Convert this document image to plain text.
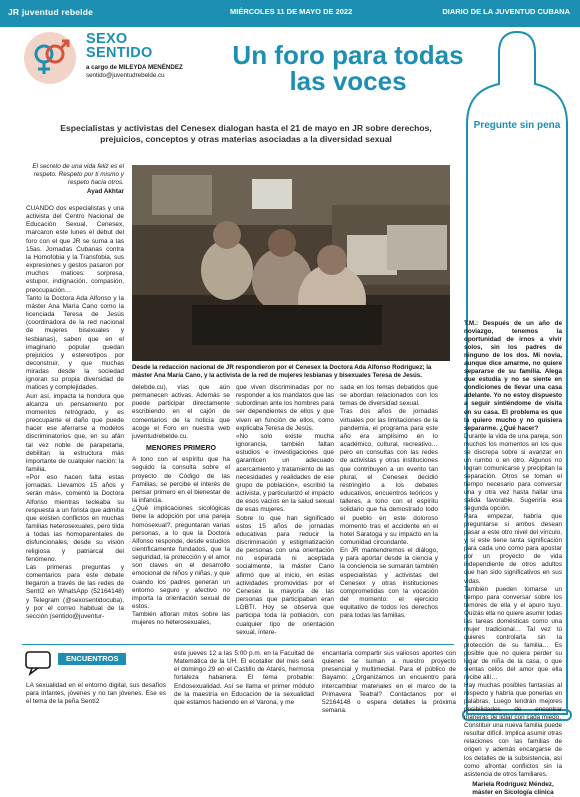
JR juventud rebelde	MIÉRCOLES 11 DE MAYO DE 2022	DIARIO DE LA JUVENTUD CUBANA
SEXO
SENTIDO
a cargo de MILEYDA MENÉNDEZ
sentido@juventudrebelde.cu
Un foro para todas las voces
Especialistas y activistas del Cenesex dialogan hasta el 21 de mayo en JR sobre derechos, prejuicios, conceptos y otras materias asociadas a la diversidad sexual
Pregunte sin pena
El secreto de una vida feliz es el respeto. Respeto por ti mismo y respeto hacia otros.
Ayad Akhtar

CUANDO dos especialistas y una activista del Centro Nacional de Educación Sexual, Cenesex, marcaron este lunes el debut del foro con el que JR se suma a las 15as. Jornadas Cubanas contra la Homofobia y la Transfobia, sus expresiones y gestos pasaron por muchos matices: sorpresa, estupor, indignación, compasión, preocupación…

Tanto la Doctora Ada Alfonso y la máster Ana María Cano como la licenciada Teresa de Jesús (coordinadora de la red nacional de mujeres bisexuales y lesbianas), saben que en el imaginario popular quedan prejuicios y estereotipos por deconstruir, y que muchas miradas desde la sociedad ignoran su propia diversidad de matices y complejidades.

Aun así, impacta la hondura que alcanza un pensamiento por momentos retrógrado, y es preocupante el daño que puede hacer ese aferrarse a modelos discriminatorios que, en su afán tal vez noble de parapetarla, debilitan la estructura más importante de cualquier nación: la familia.

«Por eso hacen falta estas jornadas. Llevamos 15 años y serán más», comentó la Doctora Alfonso mientras tecleaba su respuesta a un forista que admitía que existen conflictos en muchas familias heterosexuales, pero tilda a todas las homoparentales de disfuncionales, desde su visión religiosa y patriarcal del fenómeno.

Las primeras preguntas y comentarios para este debate llegaron a través de las redes de Sentí2 en WhatsApp (52164148) y Telegram (@sexosentidocuba), y por el correo habitual de la sección (sentido@juventur-

Desde la redacción nacional de JR respondieron por el Cenesex la Doctora Ada Alfonso Rodríguez; la máster Ana María Cano, y la activista de la red de mujeres lesbianas y bisexuales Teresa de Jesús.

delebde.cu), vías que aún permanecen activas. Además se puede participar directamente escribiendo en el cajón de comentarios de la noticia que acoge el Foro en nuestra web juventudrebelde.cu.

MENORES PRIMERO

A tono con el espíritu que ha seguido la consulta sobre el proyecto de Código de las Familias, se percibe el interés de pensar primero en el bienestar de la infancia.

¿Qué implicaciones sicológicas tiene la adopción por una pareja homosexual?, preguntaran varias personas, a lo que la Doctora Alfonso responde, desde estudios científicamente fundados, que la seguridad, la protección y el amor son claves en el desarrollo emocional de niños y niñas, y que cuando los padres generan un entorno seguro y afectivo no importa la orientación sexual de estos.

También afloran mitos sobre las mujeres no heterosexuales,

que viven discriminadas por no responder a los mandatos que las subordinan ante los hombres para ser dependientes de ellos y que viven en función de ellos, como explicaba Teresa de Jesús.

«No solo existe mucha ignorancia, también faltan estudios e investigaciones que garanticen un adecuado acercamiento y tratamiento de las necesidades y realidades de ese grupo de población», escribió la activista, y particularizó el impacto de esos vacíos en la salud sexual de esas mujeres.

Sobre lo que han significado estos 15 años de jornadas educativas para reducir la discriminación y estigmatización de personas con una orientación no esperada ni aceptada socialmente, la máster Cano afirmó que al inicio, en estas actividades promovidas por el Cenesex la mayoría de las personas que participaban eran LGBTI. Hoy se observa que participa toda la población, con cualquier tipo de orientación sexual, intere-

sada en los temas debatidos que se abordan relacionados con los temas de diversidad sexual.

Tras dos años de jornadas virtuales por las limitaciones de la pandemia, el programa para este año era amplísimo en lo académico, cultural, recreativo… pero en consultas con las redes de activistas y otras instituciones que contribuyen a un evento tan plural, el Cenesex decidió restringirlo a los debates educativos, encuentros teóricos y talleres, a tono con el espíritu solidario que ha demostrado todo el pueblo en este doloroso momento tras el accidente en el hotel Saratoga y su impacto en la comunidad circundante.

En JR mantendremos el diálogo, y para aportar desde la ciencia y la conciencia se sumarán también especialistas y activistas del Cenesex y otras instituciones comprometidas con la vocación del momento: el ejercicio equitativo de todos los derechos para todas las familias.

T.M.: Después de un año de noviazgo, tenemos la oportunidad de irnos a vivir solos, sin los padres de ninguno de los dos. Mi novia, aunque dice amarme, no quiere separarse de su familia. Alega que estudia y no se siente en condiciones de llevar una casa adelante. Yo no estoy dispuesto a seguir sintiéndome de visita en su casa. El problema es que la quiero mucho y no quisiera separarme. ¿Qué hacer?

Durante la vida de una pareja, son muchos los momentos en los que se discrepa sobre si avanzar en un rumbo o en otro. Algunos no logran comunicarse y precipitan la separación. Otros se toman el tiempo necesario para conversar una y otra vez hasta hallar una salida favorable. Sugeriría esa segunda opción.

Para empezar, habría que preguntarse si ambos desean pasar a este otro nivel del vínculo, y si este tiene tanta significación para cada uno como para apostar por un proyecto de vida independiente de otros adultos que han sido significativos en sus vidas.

También pueden tomarse un tiempo para conversar sobre los temores de ella y el apuro tuyo. Quizás ella no quiere asumir todas las tareas domésticas como una mujer tradicional… Tal vez tú quieres controlarla sin la protección de su familia… Es posible que no quiera perder su lugar de niña de la casa, o que sientas celos del amor que ella recibe allí…

Hay muchas posibles fantasías al respecto y habría que ponerlas en palabras. Luego tendrán mejores posibilidades de encontrar maneras de lidiar con cada miedo.

Constituir una nueva familia puede resultar difícil. Implica asumir otras relaciones con las familias de origen y además encargarse de los detalles de la subsistencia, así como afrontar conflictos sin la asistencia de otros familiares.

Mariela Rodríguez Méndez, máster en Sicología clínica

ENCUENTROS
LA sexualidad en el entorno digital, sus desafíos para infantes, jóvenes y no tan jóvenes. Ese es el tema de la peña Sentí2
este jueves 12 a las 5:00 p.m. en la Facultad de Matemática de la UH. El ecotaller del mes será el domingo 29 en el Castillo de Atarés, hermosa fortaleza habanera. El tema probable: Endosexualidad. Así se llama el primer módulo de la maestría en Educación de la sexualidad que estamos haciendo en el Varona, y me
encantaría compartir sus valiosos aportes con quienes se suman a nuestro proyecto presencial y multimedial. Para el público de Bayamo: ¿Organizamos un encuentro para intercambiar materiales en el marco de la Primavera Teatral? Contáctanos por el 52164148 o espera detalles la próxima semana.
